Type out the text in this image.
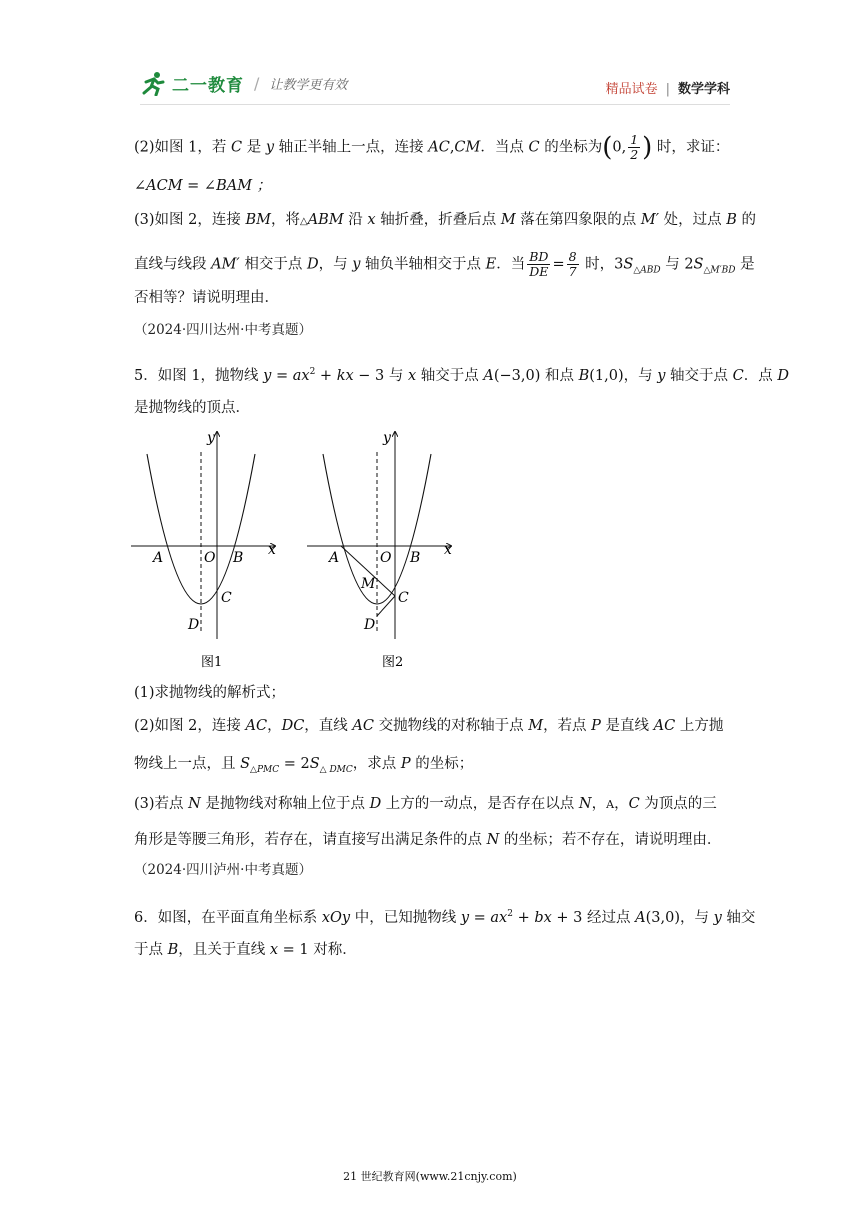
二一教育 / 让教学更有效	精品试卷 | 数学学科
(2)如图 1，若 C 是 y 轴正半轴上一点，连接 AC,CM．当点 C 的坐标为(0, $\frac{1}{2}$ ) 时，求证：
∠ACM = ∠BAM ；
(3)如图 2，连接 BM，将△ABM 沿 x 轴折叠，折叠后点 M 落在第四象限的点 M′ 处，过点 B 的
直线与线段 AM′ 相交于点 D，与 y 轴负半轴相交于点 E．当 $\frac{BD}{DE} = \frac{8}{7}$ 时，$3S_{\triangle ABD}$ 与 $2S_{\triangle M'BD}$ 是
否相等？请说明理由．
（2024·四川达州·中考真题）
5．如图 1，抛物线 $y = ax^2$ + kx − 3 与 x 轴交于点 A(−3,0) 和点 B(1,0)，与 y 轴交于点 C．点 D
是抛物线的顶点．
y
x
A	O B
C
D
图1
y
x
A	O B
M
C
D
图2
(1)求抛物线的解析式；
(2)如图 2，连接 AC，DC，直线 AC 交抛物线的对称轴于点 M，若点 P 是直线 AC 上方抛
物线上一点，且 $S_{\triangle PMC} = 2S_{\triangle DMC}$，求点 P 的坐标；
(3)若点 N 是抛物线对称轴上位于点 D 上方的一动点，是否存在以点 N，A，C 为顶点的三
角形是等腰三角形，若存在，请直接写出满足条件的点 N 的坐标；若不存在，请说明理由．
（2024·四川泸州·中考真题）
6．如图，在平面直角坐标系 xOy 中，已知抛物线 $y = ax^2$ + bx + 3 经过点 A(3,0)，与 y 轴交
于点 B，且关于直线 x = 1 对称．
21 世纪教育网(www.21cnjy.com)
